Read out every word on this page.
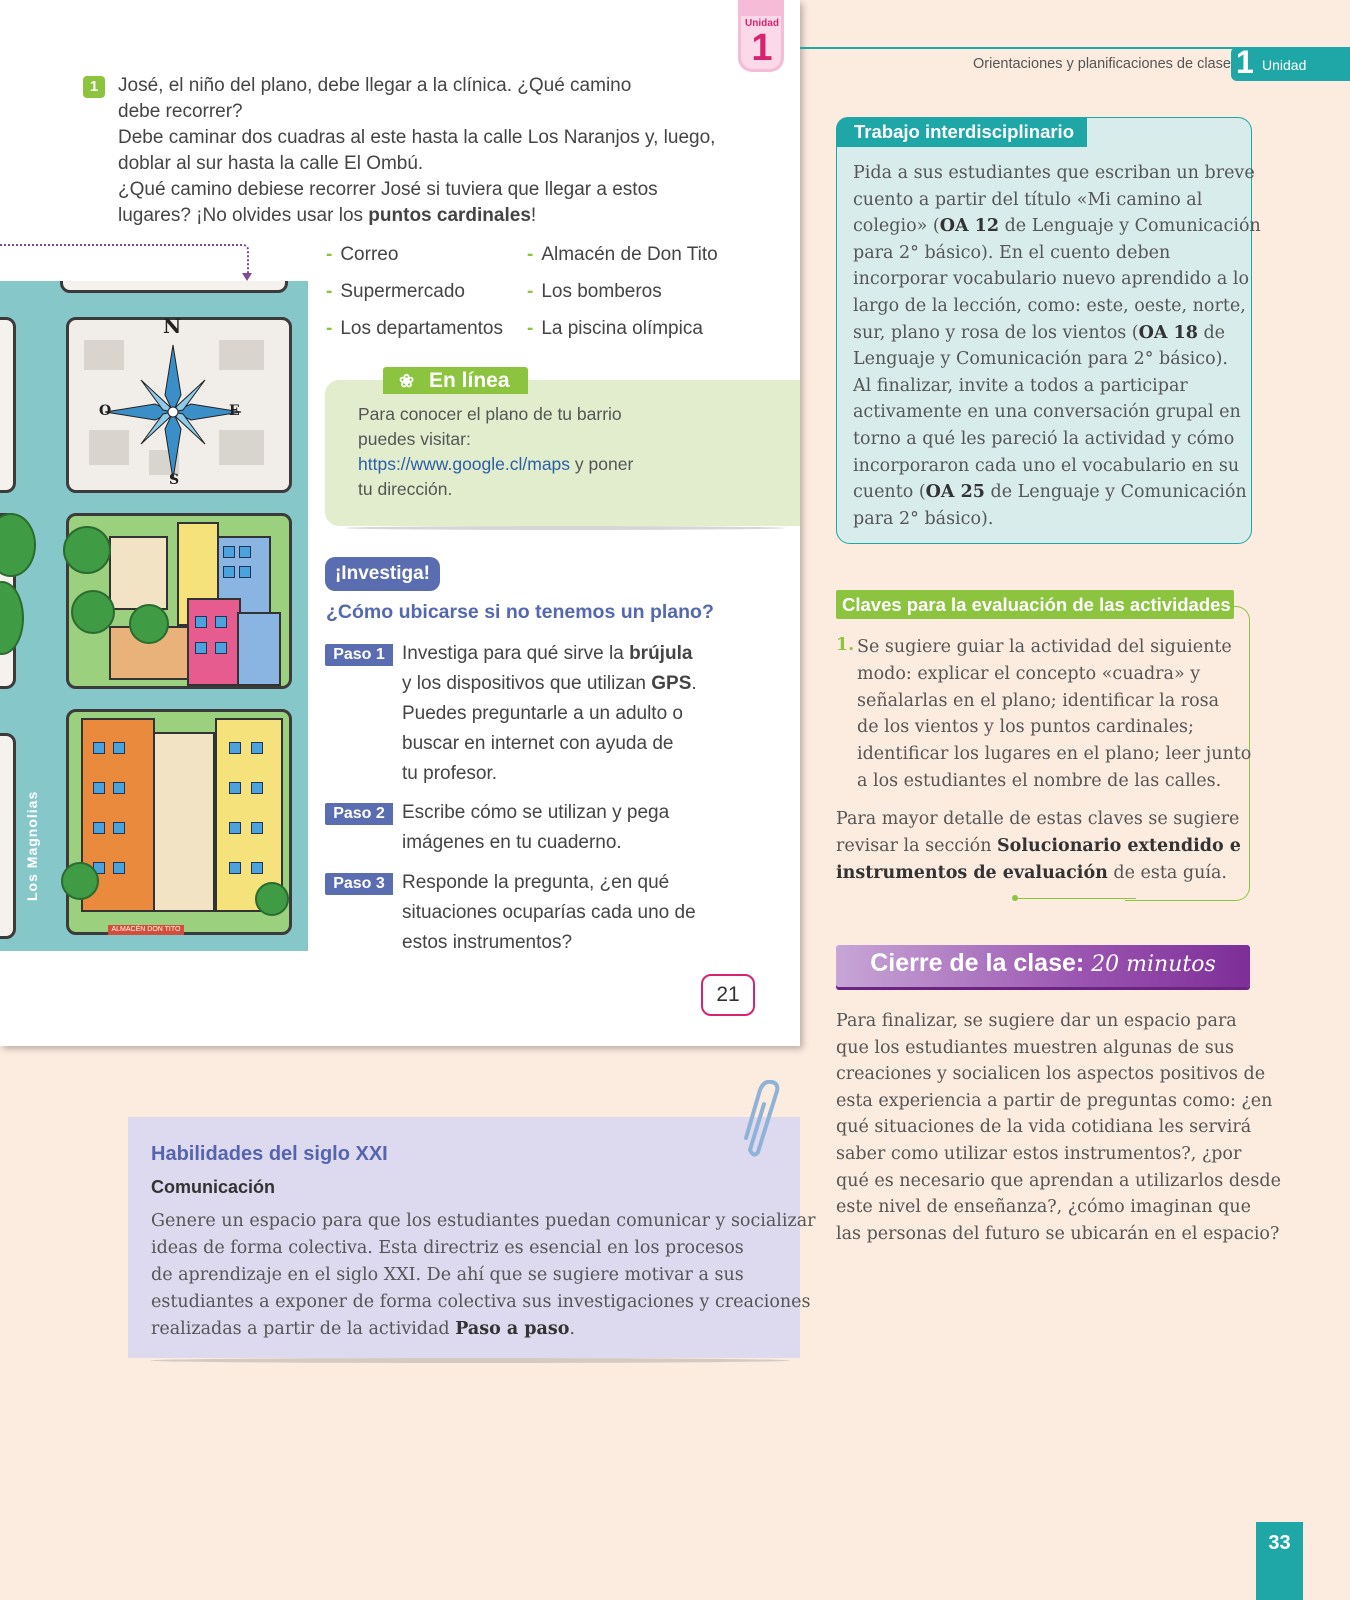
Unidad
1
1	José, el niño del plano, debe llegar a la clínica. ¿Qué camino
debe recorrer?
Debe caminar dos cuadras al este hasta la calle Los Naranjos y, luego,
doblar al sur hasta la calle El Ombú.
¿Qué camino debiese recorrer José si tuviera que llegar a estos
lugares? ¡No olvides usar los puntos cardinales!
N
S
O	E
ALMACÉN DON TITO
Los Magnolias
- Correo
- Supermercado
- Los departamentos
- Almacén de Don Tito
- Los bomberos
- La piscina olímpica
❀ En línea
Para conocer el plano de tu barrio
puedes visitar:
https://www.google.cl/maps y poner
tu dirección.
¡Investiga!
¿Cómo ubicarse si no tenemos un plano?
Paso 1 Investiga para qué sirve la brújula
y los dispositivos que utilizan GPS.
Puedes preguntarle a un adulto o
buscar en internet con ayuda de
tu profesor.
Paso 2 Escribe cómo se utilizan y pega
imágenes en tu cuaderno.
Paso 3 Responde la pregunta, ¿en qué
situaciones ocuparías cada uno de
estos instrumentos?
21
Habilidades del siglo XXI
Comunicación
Genere un espacio para que los estudiantes puedan comunicar y socializar
ideas de forma colectiva. Esta directriz es esencial en los procesos
de aprendizaje en el siglo XXI. De ahí que se sugiere motivar a sus
estudiantes a exponer de forma colectiva sus investigaciones y creaciones
realizadas a partir de la actividad Paso a paso.
Orientaciones y planificaciones de clase 1 Unidad
Trabajo interdisciplinario
Pida a sus estudiantes que escriban un breve
cuento a partir del título «Mi camino al
colegio» (OA 12 de Lenguaje y Comunicación
para 2° básico). En el cuento deben
incorporar vocabulario nuevo aprendido a lo
largo de la lección, como: este, oeste, norte,
sur, plano y rosa de los vientos (OA 18 de
Lenguaje y Comunicación para 2° básico).
Al finalizar, invite a todos a participar
activamente en una conversación grupal en
torno a qué les pareció la actividad y cómo
incorporaron cada uno el vocabulario en su
cuento (OA 25 de Lenguaje y Comunicación
para 2° básico).
Claves para la evaluación de las actividades
1. Se sugiere guiar la actividad del siguiente
modo: explicar el concepto «cuadra» y
señalarlas en el plano; identificar la rosa
de los vientos y los puntos cardinales;
identificar los lugares en el plano; leer junto
a los estudiantes el nombre de las calles.
Para mayor detalle de estas claves se sugiere
revisar la sección Solucionario extendido e
instrumentos de evaluación de esta guía.
Cierre de la clase: 20 minutos
Para finalizar, se sugiere dar un espacio para
que los estudiantes muestren algunas de sus
creaciones y socialicen los aspectos positivos de
esta experiencia a partir de preguntas como: ¿en
qué situaciones de la vida cotidiana les servirá
saber como utilizar estos instrumentos?, ¿por
qué es necesario que aprendan a utilizarlos desde
este nivel de enseñanza?, ¿cómo imaginan que
las personas del futuro se ubicarán en el espacio?
33
